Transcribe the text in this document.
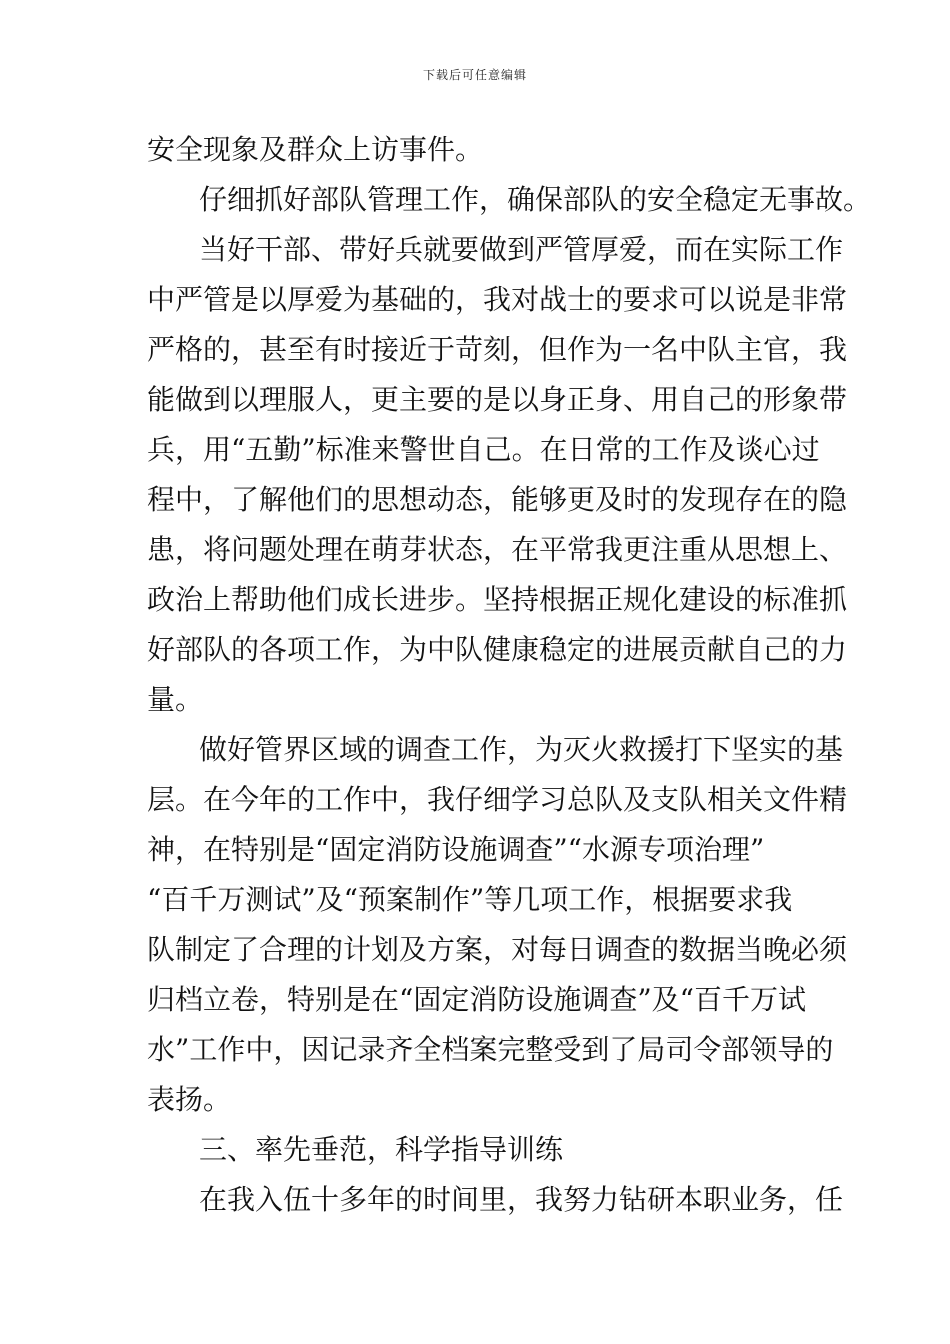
下载后可任意编辑
安全现象及群众上访事件。
仔细抓好部队管理工作，确保部队的安全稳定无事故。
当好干部、带好兵就要做到严管厚爱，而在实际工作
中严管是以厚爱为基础的，我对战士的要求可以说是非常
严格的，甚至有时接近于苛刻，但作为一名中队主官，我
能做到以理服人，更主要的是以身正身、用自己的形象带
兵，用“五勤”标准来警世自己。在日常的工作及谈心过
程中，了解他们的思想动态，能够更及时的发现存在的隐
患，将问题处理在萌芽状态，在平常我更注重从思想上、
政治上帮助他们成长进步。坚持根据正规化建设的标准抓
好部队的各项工作，为中队健康稳定的进展贡献自己的力
量。
做好管界区域的调查工作，为灭火救援打下坚实的基
层。在今年的工作中，我仔细学习总队及支队相关文件精
神，在特别是“固定消防设施调查”“水源专项治理”
“百千万测试”及“预案制作”等几项工作，根据要求我
队制定了合理的计划及方案，对每日调查的数据当晚必须
归档立卷，特别是在“固定消防设施调查”及“百千万试
水”工作中，因记录齐全档案完整受到了局司令部领导的
表扬。
三、率先垂范，科学指导训练
在我入伍十多年的时间里，我努力钻研本职业务，任
